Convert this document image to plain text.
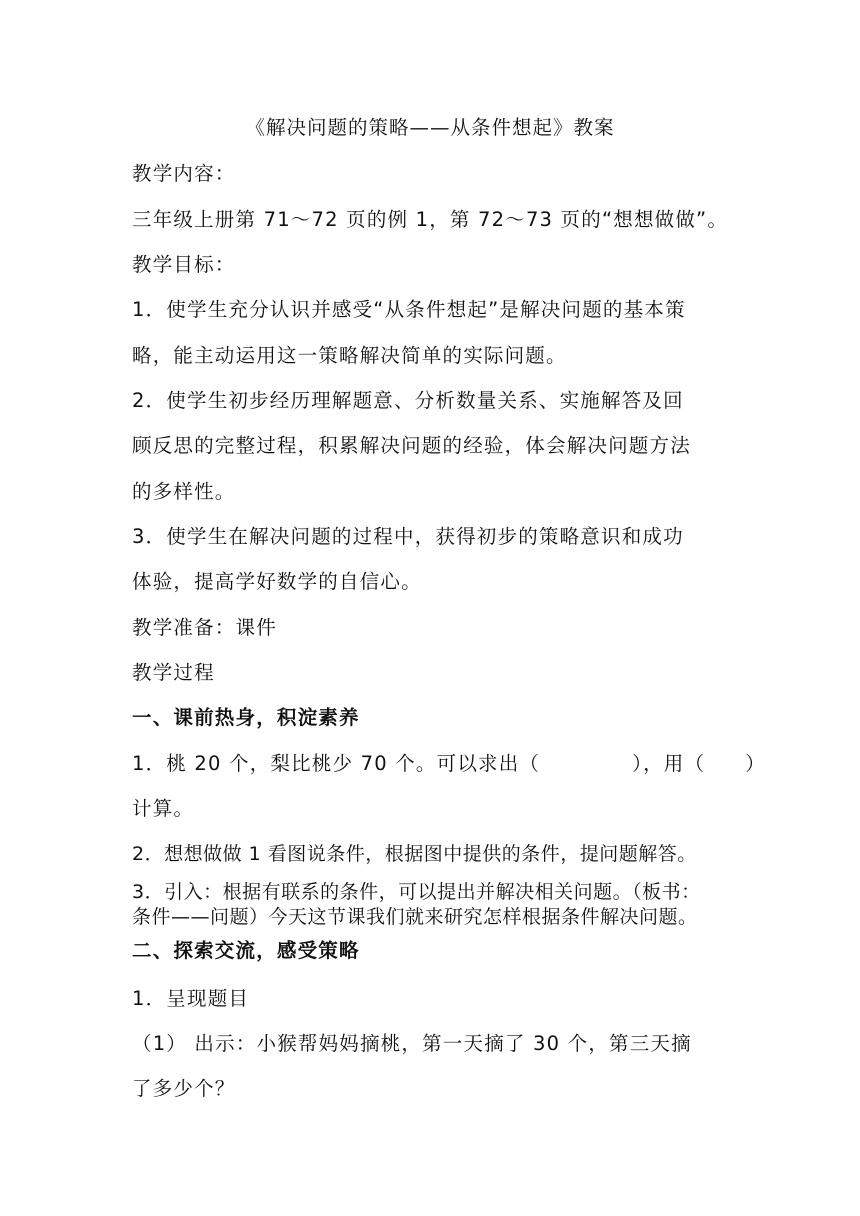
《解决问题的策略——从条件想起》教案
教学内容：
三年级上册第 71～72 页的例 1，第 72～73 页的“想想做做”。
教学目标：
1．使学生充分认识并感受“从条件想起”是解决问题的基本策
略，能主动运用这一策略解决简单的实际问题。
2．使学生初步经历理解题意、分析数量关系、实施解答及回
顾反思的完整过程，积累解决问题的经验，体会解决问题方法
的多样性。
3．使学生在解决问题的过程中，获得初步的策略意识和成功
体验，提高学好数学的自信心。
教学准备：课件
教学过程
一、课前热身，积淀素养
1．桃 20 个，梨比桃少 70 个。可以求出（	），用（ ）
计算。
2．想想做做 1 看图说条件，根据图中提供的条件，提问题解答。
3．引入：根据有联系的条件，可以提出并解决相关问题。（板书：
条件——问题）今天这节课我们就来研究怎样根据条件解决问题。
二、探索交流，感受策略
1．呈现题目
（1） 出示：小猴帮妈妈摘桃，第一天摘了 30 个，第三天摘
了多少个？
